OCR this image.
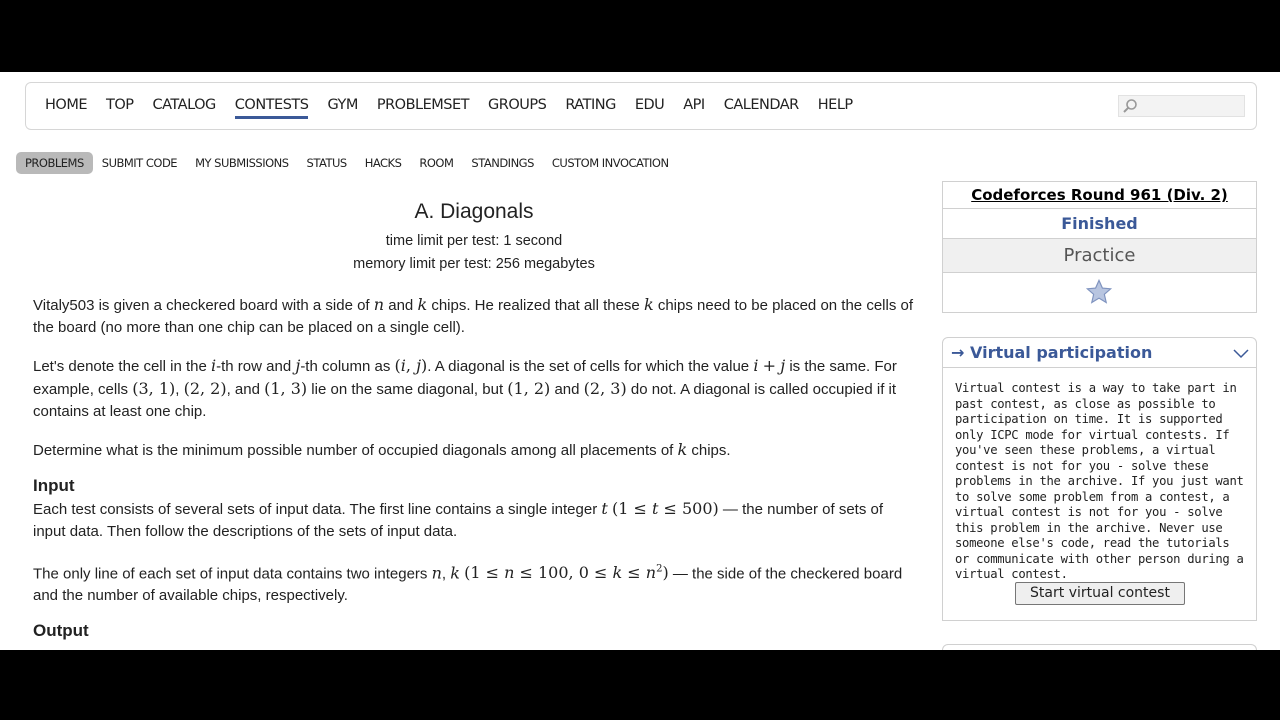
HOME TOP CATALOG CONTESTS GYM PROBLEMSET GROUPS RATING EDU API CALENDAR HELP
PROBLEMS	SUBMIT CODE	MY SUBMISSIONS	STATUS	HACKS	ROOM	STANDINGS	CUSTOM INVOCATION
A. Diagonals
time limit per test: 1 second
memory limit per test: 256 megabytes
Vitaly503 is given a checkered board with a side of n and k chips. He realized that all these k chips need to be placed on the cells of the board (no more than one chip can be placed on a single cell).
Let's denote the cell in the i-th row and j-th column as (i, j). A diagonal is the set of cells for which the value i + j is the same. For example, cells (3, 1), (2, 2), and (1, 3) lie on the same diagonal, but (1, 2) and (2, 3) do not. A diagonal is called occupied if it contains at least one chip.
Determine what is the minimum possible number of occupied diagonals among all placements of k chips.
Input
Each test consists of several sets of input data. The first line contains a single integer t (1 ≤ t ≤ 500) — the number of sets of input data. Then follow the descriptions of the sets of input data.
The only line of each set of input data contains two integers n, k (1 ≤ n ≤ 100, $0 \le k \le n^2$) — the side of the checkered board and the number of available chips, respectively.
Output
Codeforces Round 961 (Div. 2)
Finished
Practice
→ Virtual participation
Virtual contest is a way to take part in past contest, as close as possible to participation on time. It is supported only ICPC mode for virtual contests. If you've seen these problems, a virtual contest is not for you - solve these problems in the archive. If you just want to solve some problem from a contest, a virtual contest is not for you - solve this problem in the archive. Never use someone else's code, read the tutorials or communicate with other person during a virtual contest.
Start virtual contest
